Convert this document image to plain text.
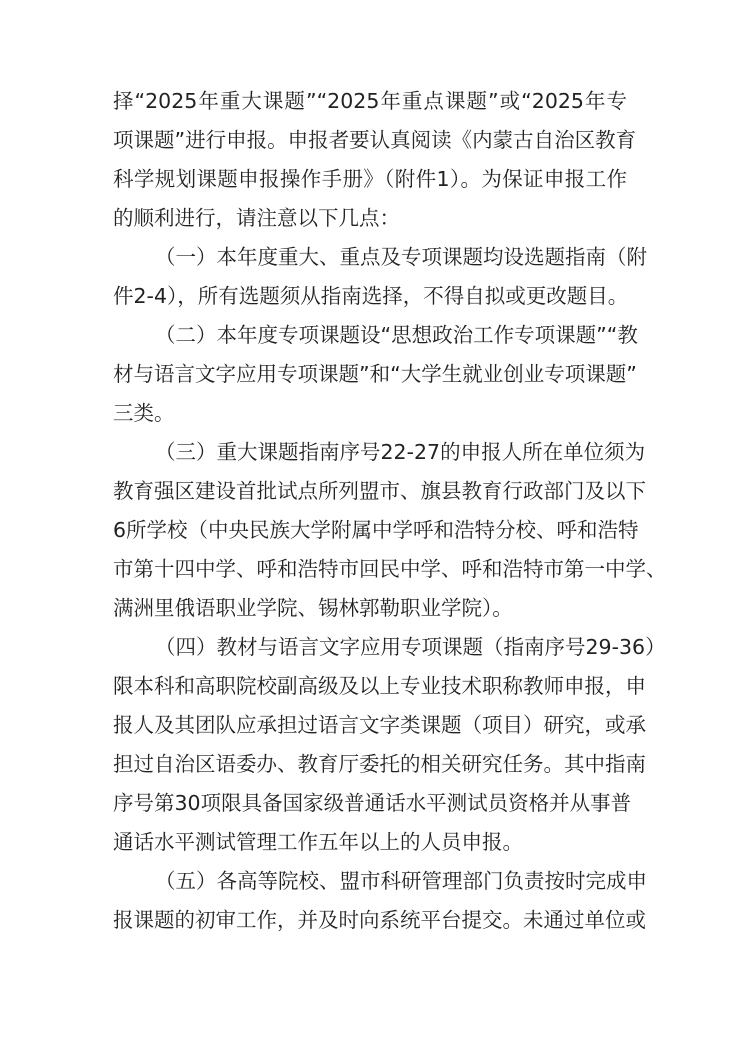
择“2025年重大课题”“2025年重点课题”或“2025年专
项课题”进行申报。申报者要认真阅读《内蒙古自治区教育
科学规划课题申报操作手册》（附件1）。为保证申报工作
的顺利进行，请注意以下几点：
（一）本年度重大、重点及专项课题均设选题指南（附
件2-4），所有选题须从指南选择，不得自拟或更改题目。
（二）本年度专项课题设“思想政治工作专项课题”“教
材与语言文字应用专项课题”和“大学生就业创业专项课题”
三类。
（三）重大课题指南序号22-27的申报人所在单位须为
教育强区建设首批试点所列盟市、旗县教育行政部门及以下
6所学校（中央民族大学附属中学呼和浩特分校、呼和浩特
市第十四中学、呼和浩特市回民中学、呼和浩特市第一中学、
满洲里俄语职业学院、锡林郭勒职业学院）。
（四）教材与语言文字应用专项课题（指南序号29-36）
限本科和高职院校副高级及以上专业技术职称教师申报，申
报人及其团队应承担过语言文字类课题（项目）研究，或承
担过自治区语委办、教育厅委托的相关研究任务。其中指南
序号第30项限具备国家级普通话水平测试员资格并从事普
通话水平测试管理工作五年以上的人员申报。
（五）各高等院校、盟市科研管理部门负责按时完成申
报课题的初审工作，并及时向系统平台提交。未通过单位或
